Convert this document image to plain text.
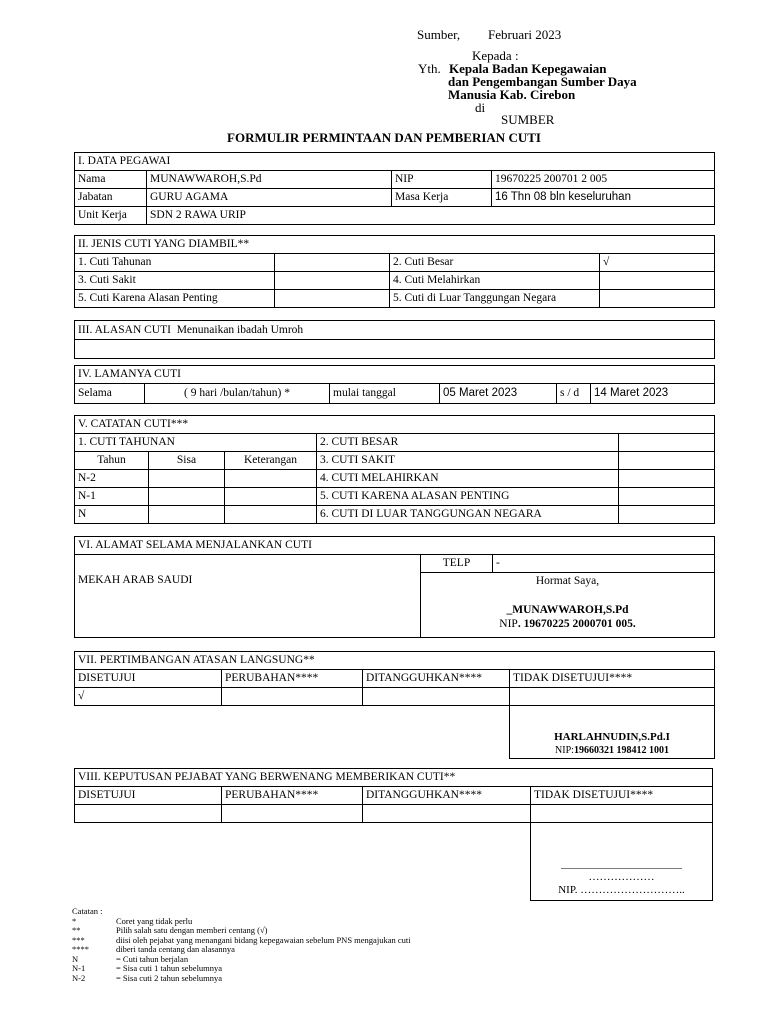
Sumber, Februari 2023
Kepada :
Yth. Kepala Badan Kepegawaian
dan Pengembangan Sumber Daya
Manusia Kab. Cirebon
di
SUMBER
FORMULIR PERMINTAAN DAN PEMBERIAN CUTI
I. DATA PEGAWAI			
Nama	MUNAWWAROH,S.Pd	NIP	19670225 200701 2 005
Jabatan	GURU AGAMA	Masa Kerja	16 Thn 08 bln keseluruhan
Unit Kerja	SDN 2 RAWA URIP		
II. JENIS CUTI YANG DIAMBIL**			
1. Cuti Tahunan		2. Cuti Besar	√
3. Cuti Sakit		4. Cuti Melahirkan	
5. Cuti Karena Alasan Penting		5. Cuti di Luar Tanggungan Negara	
III. ALASAN CUTI Menunaikan ibadah Umroh

IV. LAMANYA CUTI
Selama	( 9 hari /bulan/tahun) *	mulai tanggal	05 Maret 2023	s / d	14 Maret 2023
V. CATATAN CUTI***				
1. CUTI TAHUNAN			2. CUTI BESAR	
Tahun	Sisa	Keterangan	3. CUTI SAKIT	
N-2			4. CUTI MELAHIRKAN	
N-1			5. CUTI KARENA ALASAN PENTING	
N			6. CUTI DI LUAR TANGGUNGAN NEGARA	
VI. ALAMAT SELAMA MENJALANKAN CUTI		
	TELP	-
MEKAH ARAB SAUDI	Hormat Saya,
_MUNAWWAROH,S.Pd
NIP. 19670225 2000701 005.	
VII. PERTIMBANGAN ATASAN LANGSUNG**			
DISETUJUI	PERUBAHAN****	DITANGGUHKAN****	TIDAK DISETUJUI****
√			

			HARLAHNUDIN,S.Pd.I
NIP:19660321 198412 1001
VIII. KEPUTUSAN PEJABAT YANG BERWENANG MEMBERIKAN CUTI**			
DISETUJUI	PERUBAHAN****	DITANGGUHKAN****	TIDAK DISETUJUI****

			______________________
………………
NIP. ………………………..
Catatan :
*	Coret yang tidak perlu
**	Pilih salah satu dengan memberi centang (√)
***	diisi oleh pejabat yang menangani bidang kepegawaian sebelum PNS mengajukan cuti
****	diberi tanda centang dan alasannya
N	= Cuti tahun berjalan
N-1	= Sisa cuti 1 tahun sebelumnya
N-2	= Sisa cuti 2 tahun sebelumnya
